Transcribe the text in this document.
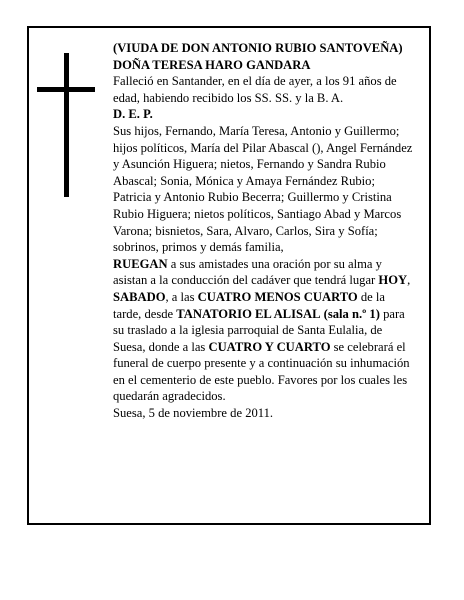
(VIUDA DE DON ANTONIO RUBIO SANTOVEÑA)

DOÑA TERESA HARO GANDARA

Falleció en Santander, en el día de ayer, a los 91 años de edad, habiendo recibido los SS. SS. y la B. A.

D. E. P.

Sus hijos, Fernando, María Teresa, Antonio y Guillermo; hijos políticos, María del Pilar Abascal (), Angel Fernández y Asunción Higuera; nietos, Fernando y Sandra Rubio Abascal; Sonia, Mónica y Amaya Fernández Rubio; Patricia y Antonio Rubio Becerra; Guillermo y Cristina Rubio Higuera; nietos políticos, Santiago Abad y Marcos Varona; bisnietos, Sara, Alvaro, Carlos, Sira y Sofía; sobrinos, primos y demás familia,

RUEGAN a sus amistades una oración por su alma y asistan a la conducción del cadáver que tendrá lugar HOY, SABADO, a las CUATRO MENOS CUARTO de la tarde, desde TANATORIO EL ALISAL (sala n.º 1) para su traslado a la iglesia parroquial de Santa Eulalia, de Suesa, donde a las CUATRO Y CUARTO se celebrará el funeral de cuerpo presente y a continuación su inhumación en el cementerio de este pueblo. Favores por los cuales les quedarán agradecidos.

Suesa, 5 de noviembre de 2011.
